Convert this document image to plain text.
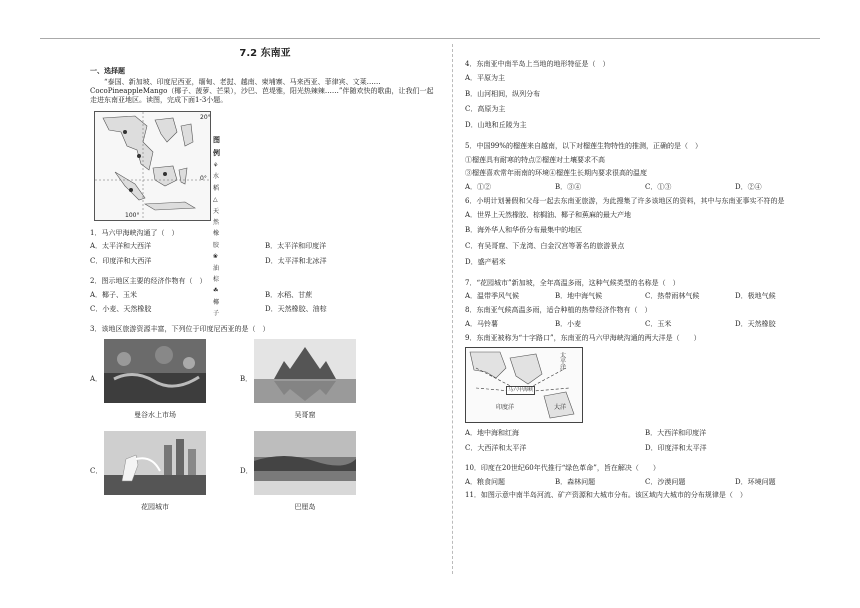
7.2 东南亚
一、选择题
“泰国、新加坡、印度尼西亚，缅甸、老挝、越南、柬埔寨、马来西亚、菲律宾、文莱……CocoPineappleMango（椰子、菠萝、芒果），沙巴、芭堤雅，阳光热辣辣……”伴随欢快的歌曲，让我们一起走进东南亚地区。读图，完成下面1-3小题。
20°
0°
100°
图例
⚘ 水稻
△ 天然橡胶
❀ 油棕
☘ 椰子
1．马六甲海峡沟通了（　）
A．太平洋和大西洋	B．太平洋和印度洋
C．印度洋和大西洋	D．太平洋和北冰洋
2．图示地区主要的经济作物有（　）
A．椰子、玉米	B．水稻、甘蔗
C．小麦、天然橡胶	D．天然橡胶、油棕
3．该地区旅游资源丰富，下列位于印度尼西亚的是（　）
A．
曼谷水上市场
B．
吴哥窟
C．
花园城市
D．
巴厘岛
4．东南亚中南半岛上当地的地形特征是（　）
A．平原为主
B．山河相间，纵列分布
C．高原为主
D．山地和丘陵为主
5．中国99%的榴莲来自越南，以下对榴莲生物特性的推测，正确的是（　）
①榴莲具有耐寒的特点②榴莲对土壤要求不高
③榴莲喜欢常年雨南的环境④榴莲生长期内要求很高的温度
A．①②	B．③④	C．①③	D．②④
6．小明计划暑假和父母一起去东南亚旅游，为此搜集了许多该地区的资料，其中与东南亚事实不符的是
A．世界上天然橡胶、棕榈油、椰子和蕉麻的最大产地
B．海外华人和华侨分布最集中的地区
C．有吴哥窟、下龙湾、白金汉宫等著名的旅游景点
D．盛产稻米
7．“花园城市”新加坡，全年高温多雨，这种气候类型的名称是（　）
A．温带季风气候	B．地中海气候	C．热带雨林气候	D．极地气候
8．东南亚气候高温多雨，适合种植的热带经济作物有（　）
A．马铃薯	B．小麦	C．玉米	D．天然橡胶
9．东南亚被称为“十字路口”，东南亚的马六甲海峡沟通的两大洋是（　　）
太平洋
印度洋
马六甲海峡
大洋
A．地中海和红海	B．大西洋和印度洋
C．大西洋和太平洋	D．印度洋和太平洋
10．印度在20世纪60年代推行“绿色革命”，旨在解决（　　）
A．粮食问题	B．森林问题	C．沙漠问题	D．环境问题
11．如图示意中南半岛河流、矿产资源和大城市分布。该区域内大城市的分布规律是（　）
